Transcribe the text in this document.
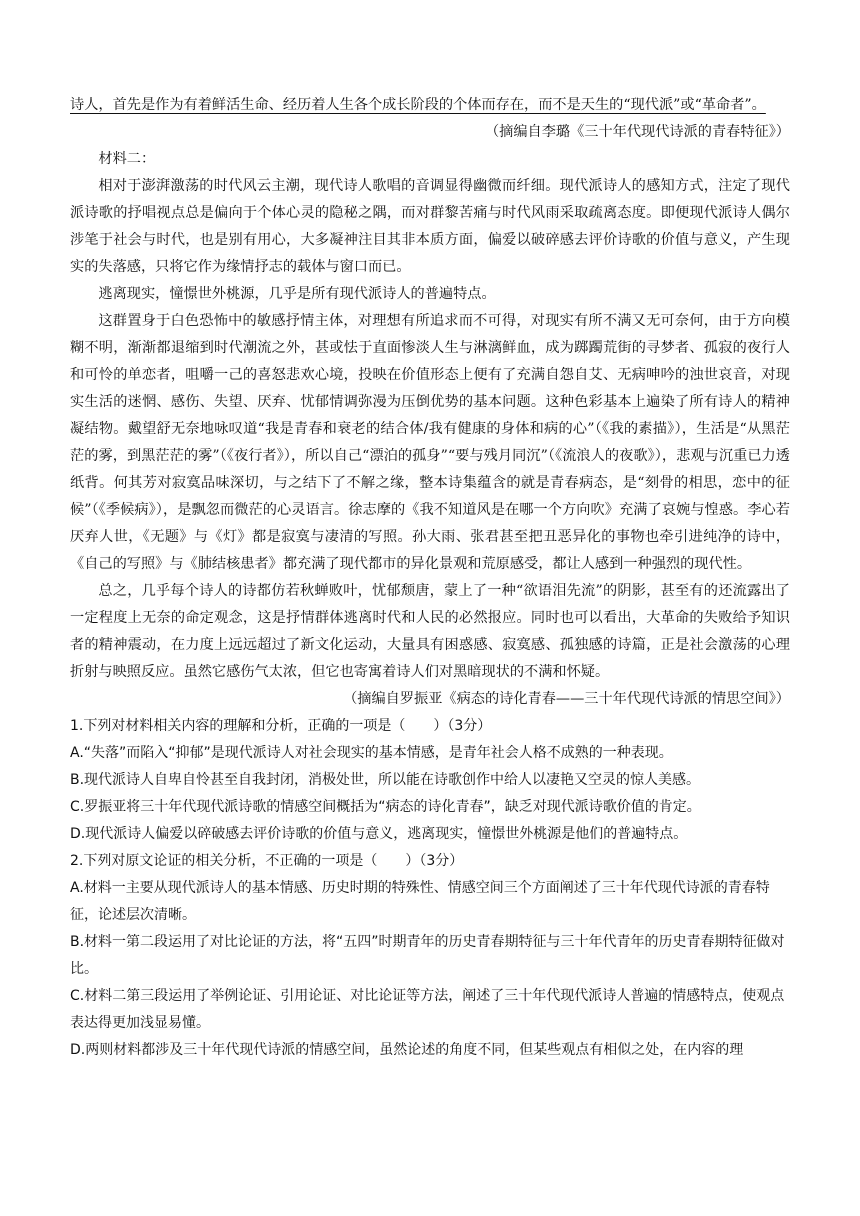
诗人，首先是作为有着鲜活生命、经历着人生各个成长阶段的个体而存在，而不是天生的“现代派”或“革命者”。

（摘编自李璐《三十年代现代诗派的青春特征》）

材料二：

相对于澎湃激荡的时代风云主潮，现代诗人歌唱的音调显得幽微而纤细。现代派诗人的感知方式，注定了现代派诗歌的抒唱视点总是偏向于个体心灵的隐秘之隅，而对群黎苦痛与时代风雨采取疏离态度。即便现代派诗人偶尔涉笔于社会与时代，也是别有用心，大多凝神注目其非本质方面，偏爱以破碎感去评价诗歌的价值与意义，产生现实的失落感，只将它作为缘情抒志的载体与窗口而已。

逃离现实，憧憬世外桃源，几乎是所有现代派诗人的普遍特点。

这群置身于白色恐怖中的敏感抒情主体，对理想有所追求而不可得，对现实有所不满又无可奈何，由于方向模糊不明，渐渐都退缩到时代潮流之外，甚或怯于直面惨淡人生与淋漓鲜血，成为踯躅荒街的寻梦者、孤寂的夜行人和可怜的单恋者，咀嚼一己的喜怒悲欢心境，投映在价值形态上便有了充满自怨自艾、无病呻吟的浊世哀音，对现实生活的迷惘、感伤、失望、厌弃、忧郁情调弥漫为压倒优势的基本问题。这种色彩基本上遍染了所有诗人的精神凝结物。戴望舒无奈地咏叹道“我是青春和衰老的结合体/我有健康的身体和病的心”（《我的素描》），生活是“从黑茫茫的雾，到黑茫茫的雾”（《夜行者》），所以自己“漂泊的孤身”“要与残月同沉”（《流浪人的夜歌》），悲观与沉重已力透纸背。何其芳对寂寞品味深切，与之结下了不解之缘，整本诗集蕴含的就是青春病态，是“刻骨的相思，恋中的征候”（《季候病》），是飘忽而微茫的心灵语言。徐志摩的《我不知道风是在哪一个方向吹》充满了哀婉与惶惑。李心若厌弃人世，《无题》与《灯》都是寂寞与凄清的写照。孙大雨、张君甚至把丑恶异化的事物也牵引进纯净的诗中，《自己的写照》与《肺结核患者》都充满了现代都市的异化景观和荒原感受，都让人感到一种强烈的现代性。

总之，几乎每个诗人的诗都仿若秋蝉败叶，忧郁颓唐，蒙上了一种“欲语泪先流”的阴影，甚至有的还流露出了一定程度上无奈的命定观念，这是抒情群体逃离时代和人民的必然报应。同时也可以看出，大革命的失败给予知识者的精神震动，在力度上远远超过了新文化运动，大量具有困惑感、寂寞感、孤独感的诗篇，正是社会激荡的心理折射与映照反应。虽然它感伤气太浓，但它也寄寓着诗人们对黑暗现状的不满和怀疑。

（摘编自罗振亚《病态的诗化青春——三十年代现代诗派的情思空间》）

1.下列对材料相关内容的理解和分析，正确的一项是（　　）（3分）

A.“失落”而陷入“抑郁”是现代派诗人对社会现实的基本情感，是青年社会人格不成熟的一种表现。

B.现代派诗人自卑自怜甚至自我封闭，消极处世，所以能在诗歌创作中给人以凄艳又空灵的惊人美感。

C.罗振亚将三十年代现代派诗歌的情感空间概括为“病态的诗化青春”，缺乏对现代派诗歌价值的肯定。

D.现代派诗人偏爱以碎破感去评价诗歌的价值与意义，逃离现实，憧憬世外桃源是他们的普遍特点。

2.下列对原文论证的相关分析，不正确的一项是（　　）（3分）

A.材料一主要从现代派诗人的基本情感、历史时期的特殊性、情感空间三个方面阐述了三十年代现代诗派的青春特征，论述层次清晰。

B.材料一第二段运用了对比论证的方法，将“五四”时期青年的历史青春期特征与三十年代青年的历史青春期特征做对比。

C.材料二第三段运用了举例论证、引用论证、对比论证等方法，阐述了三十年代现代派诗人普遍的情感特点，使观点表达得更加浅显易懂。

D.两则材料都涉及三十年代现代诗派的情感空间，虽然论述的角度不同，但某些观点有相似之处，在内容的理
